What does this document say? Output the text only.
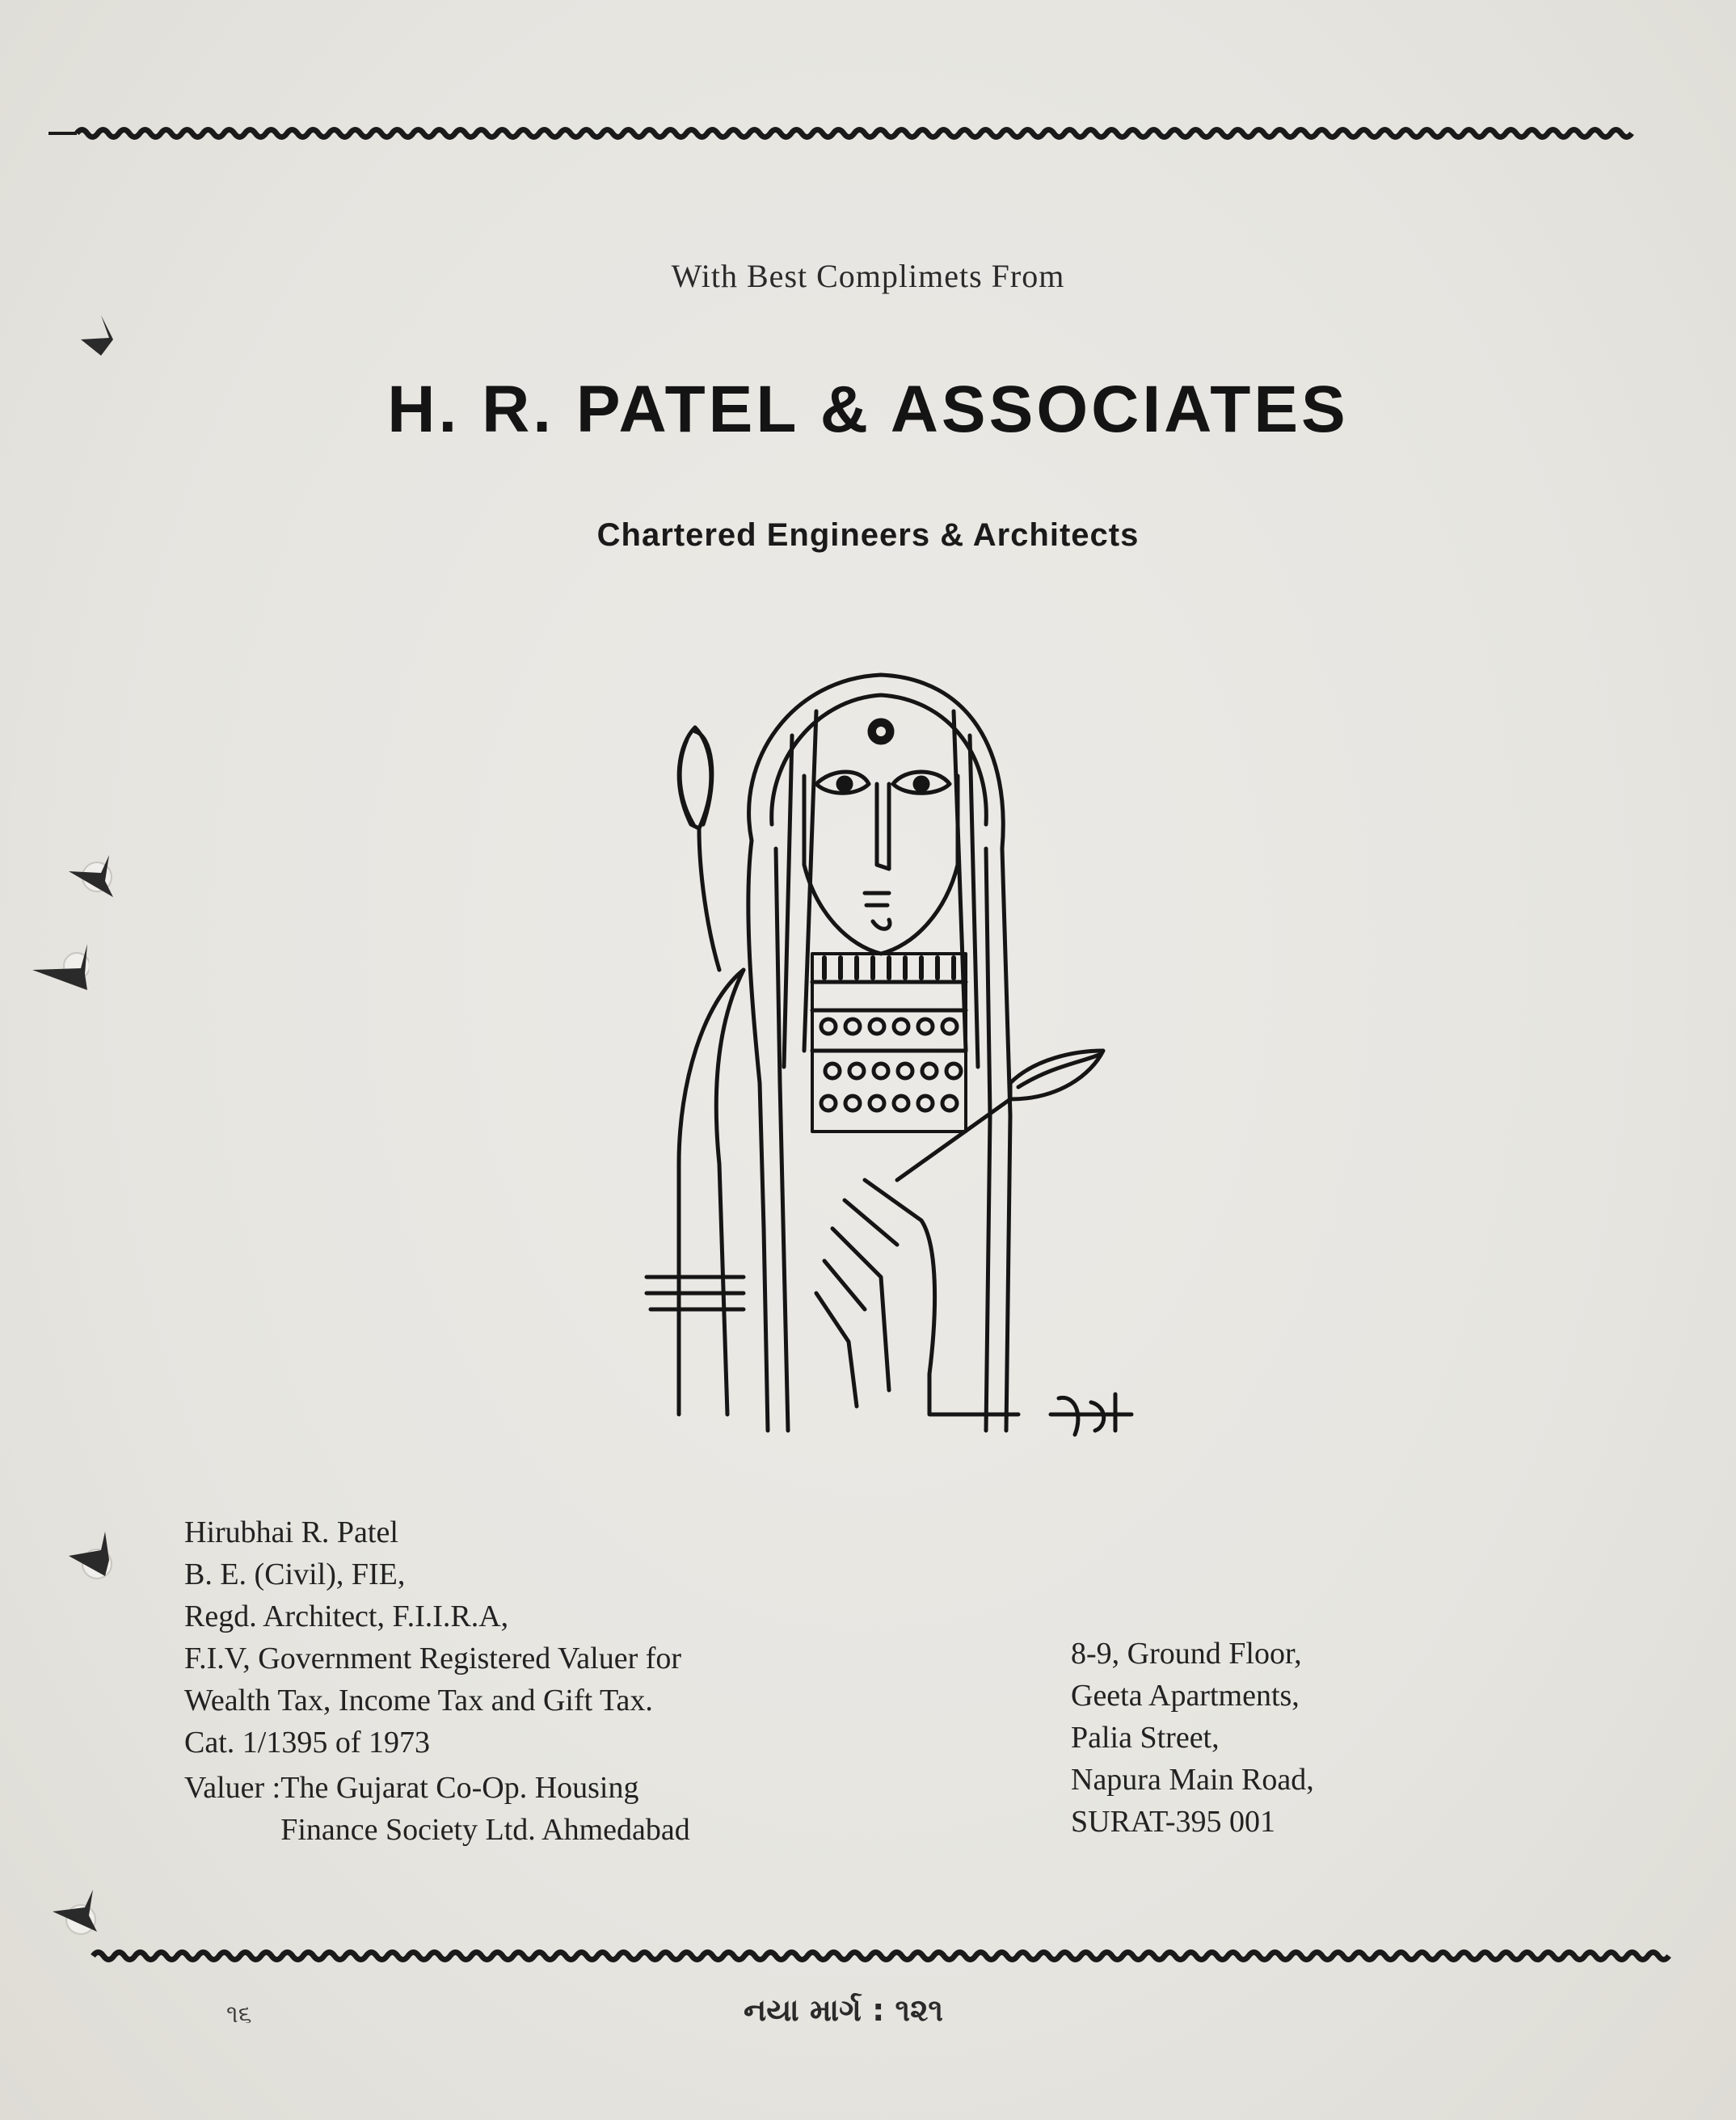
With Best Complimets From
H. R. PATEL & ASSOCIATES
Chartered Engineers & Architects
Hirubhai R. Patel
B. E. (Civil), FIE,
Regd. Architect, F.I.I.R.A,
F.I.V, Government Registered Valuer for
Wealth Tax, Income Tax and Gift Tax.
Cat. 1/1395 of 1973
Valuer : The Gujarat Co-Op. Housing
Finance Society Ltd. Ahmedabad
8-9, Ground Floor,
Geeta Apartments,
Palia Street,
Napura Main Road,
SURAT-395 001
૧૬	નયા માર્ગ : ૧૨૧
